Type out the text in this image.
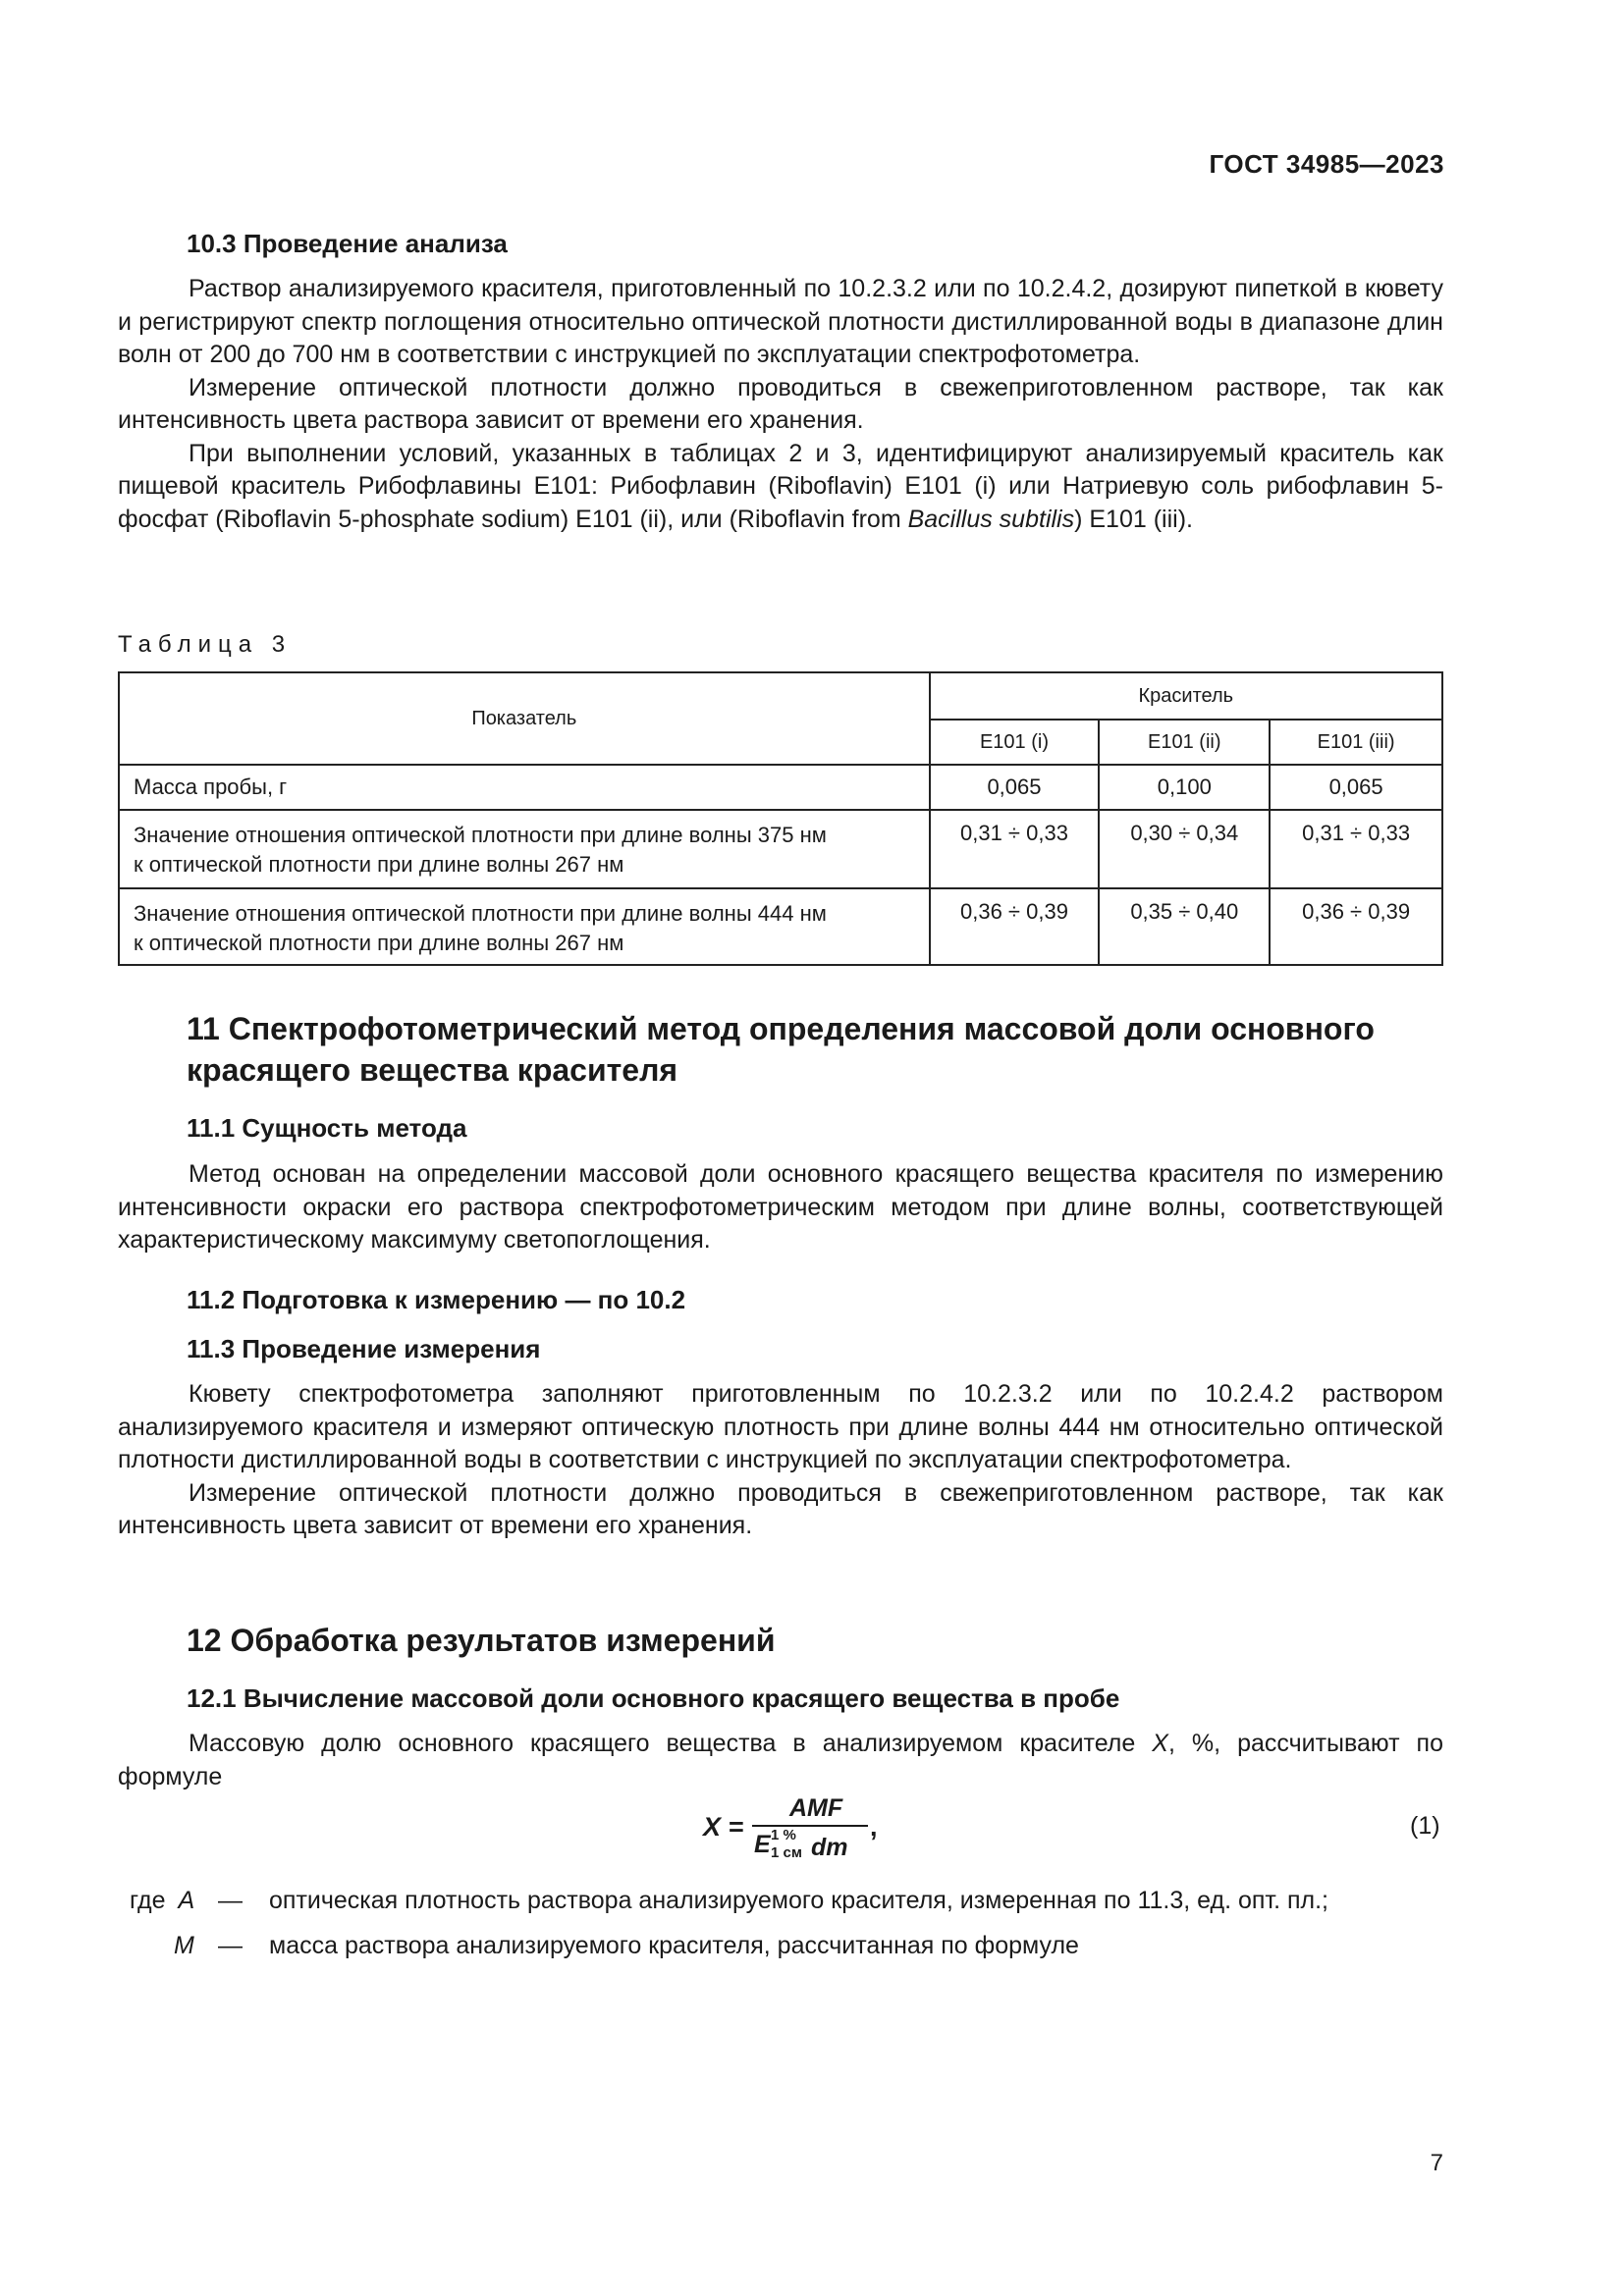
ГОСТ 34985—2023
10.3 Проведение анализа

Раствор анализируемого красителя, приготовленный по 10.2.3.2 или по 10.2.4.2, дозируют пипеткой в кювету и регистрируют спектр поглощения относительно оптической плотности дистиллированной воды в диапазоне длин волн от 200 до 700 нм в соответствии с инструкцией по эксплуатации спектрофотометра.

Измерение оптической плотности должно проводиться в свежеприготовленном растворе, так как интенсивность цвета раствора зависит от времени его хранения.

При выполнении условий, указанных в таблицах 2 и 3, идентифицируют анализируемый краситель как пищевой краситель Рибофлавины Е101: Рибофлавин (Riboflavin) Е101 (i) или Натриевую соль рибофлавин 5-фосфат (Riboflavin 5-phosphate sodium) Е101 (ii), или (Riboflavin from Bacillus subtilis) Е101 (iii).

Таблица 3
Показатель	Краситель		
	Е101 (i)	Е101 (ii)	Е101 (iii)
Масса пробы, г	0,065	0,100	0,065
Значение отношения оптической плотности при длине волны 375 нм
к оптической плотности при длине волны 267 нм	0,31 ÷ 0,33	0,30 ÷ 0,34	0,31 ÷ 0,33
Значение отношения оптической плотности при длине волны 444 нм
к оптической плотности при длине волны 267 нм	0,36 ÷ 0,39	0,35 ÷ 0,40	0,36 ÷ 0,39
11 Спектрофотометрический метод определения массовой доли основного
красящего вещества красителя
11.1 Сущность метода

Метод основан на определении массовой доли основного красящего вещества красителя по измерению интенсивности окраски его раствора спектрофотометрическим методом при длине волны, соответствующей характеристическому максимуму светопоглощения.

11.2 Подготовка к измерению — по 10.2
11.3 Проведение измерения

Кювету спектрофотометра заполняют приготовленным по 10.2.3.2 или по 10.2.4.2 раствором анализируемого красителя и измеряют оптическую плотность при длине волны 444 нм относительно оптической плотности дистиллированной воды в соответствии с инструкцией по эксплуатации спектрофотометра.

Измерение оптической плотности должно проводиться в свежеприготовленном растворе, так как интенсивность цвета зависит от времени его хранения.

12 Обработка результатов измерений
12.1 Вычисление массовой доли основного красящего вещества в пробе

Массовую долю основного красящего вещества в анализируемом красителе X, %, рассчитывают по формуле

X =
AMF
E 1 %
1 см dm
,	(1)
где A — оптическая плотность раствора анализируемого красителя, измеренная по 11.3, ед. опт. пл.;
M — масса раствора анализируемого красителя, рассчитанная по формуле
7
